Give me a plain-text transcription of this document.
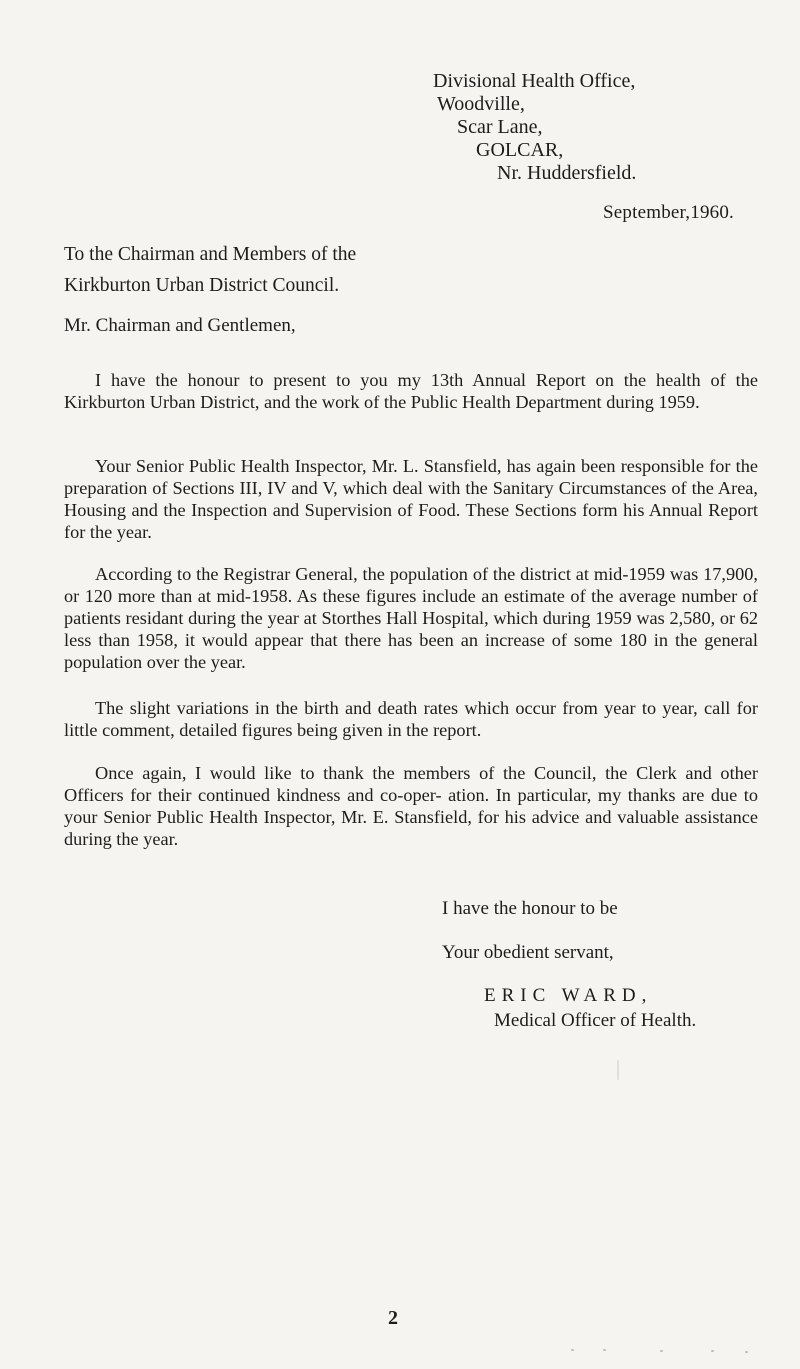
Divisional Health Office,
Woodville,
Scar Lane,
GOLCAR,
Nr. Huddersfield.
September,1960.
To the Chairman and Members of the
Kirkburton Urban District Council.
Mr. Chairman and Gentlemen,

I have the honour to present to you my 13th Annual Report on the health of the Kirkburton Urban District, and the work of the Public Health Department during 1959.

Your Senior Public Health Inspector, Mr. L. Stansfield, has again been responsible for the preparation of Sections III, IV and V, which deal with the Sanitary Circumstances of the Area, Housing and the Inspection and Supervision of Food. These Sections form his Annual Report for the year.

According to the Registrar General, the population of the district at mid-1959 was 17,900, or 120 more than at mid-1958. As these figures include an estimate of the average number of patients residant during the year at Storthes Hall Hospital, which during 1959 was 2,580, or 62 less than 1958, it would appear that there has been an increase of some 180 in the general population over the year.

The slight variations in the birth and death rates which occur from year to year, call for little comment, detailed figures being given in the report.

Once again, I would like to thank the members of the Council, the Clerk and other Officers for their continued kindness and co-oper- ation. In particular, my thanks are due to your Senior Public Health Inspector, Mr. E. Stansfield, for his advice and valuable assistance during the year.

I have the honour to be
Your obedient servant,
ERIC WARD,
Medical Officer of Health.
2
